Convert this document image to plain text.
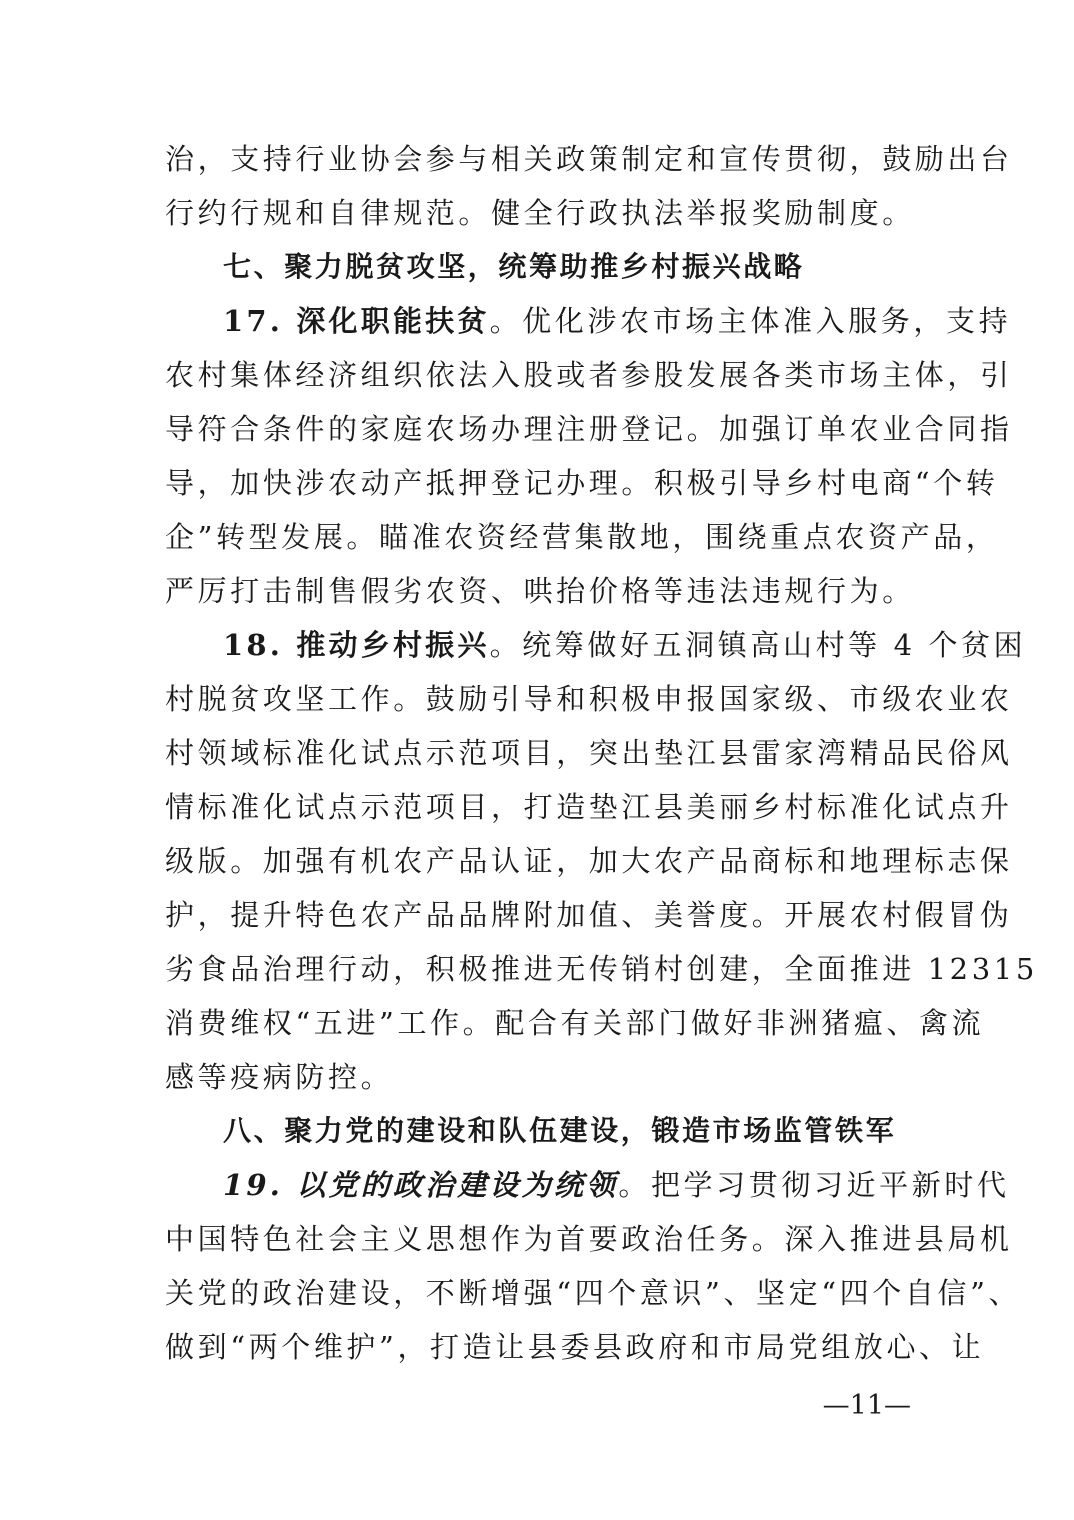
治，支持行业协会参与相关政策制定和宣传贯彻，鼓励出台
行约行规和自律规范。健全行政执法举报奖励制度。
七、聚力脱贫攻坚，统筹助推乡村振兴战略
17. 深化职能扶贫。优化涉农市场主体准入服务，支持
农村集体经济组织依法入股或者参股发展各类市场主体，引
导符合条件的家庭农场办理注册登记。加强订单农业合同指
导，加快涉农动产抵押登记办理。积极引导乡村电商“个转
企”转型发展。瞄准农资经营集散地，围绕重点农资产品，
严厉打击制售假劣农资、哄抬价格等违法违规行为。
18. 推动乡村振兴。统筹做好五洞镇高山村等 4 个贫困
村脱贫攻坚工作。鼓励引导和积极申报国家级、市级农业农
村领域标准化试点示范项目，突出垫江县雷家湾精品民俗风
情标准化试点示范项目，打造垫江县美丽乡村标准化试点升
级版。加强有机农产品认证，加大农产品商标和地理标志保
护，提升特色农产品品牌附加值、美誉度。开展农村假冒伪
劣食品治理行动，积极推进无传销村创建，全面推进 12315
消费维权“五进”工作。配合有关部门做好非洲猪瘟、禽流
感等疫病防控。
八、聚力党的建设和队伍建设，锻造市场监管铁军
19. 以党的政治建设为统领。把学习贯彻习近平新时代
中国特色社会主义思想作为首要政治任务。深入推进县局机
关党的政治建设，不断增强“四个意识”、坚定“四个自信”、
做到“两个维护”，打造让县委县政府和市局党组放心、让
—11—
